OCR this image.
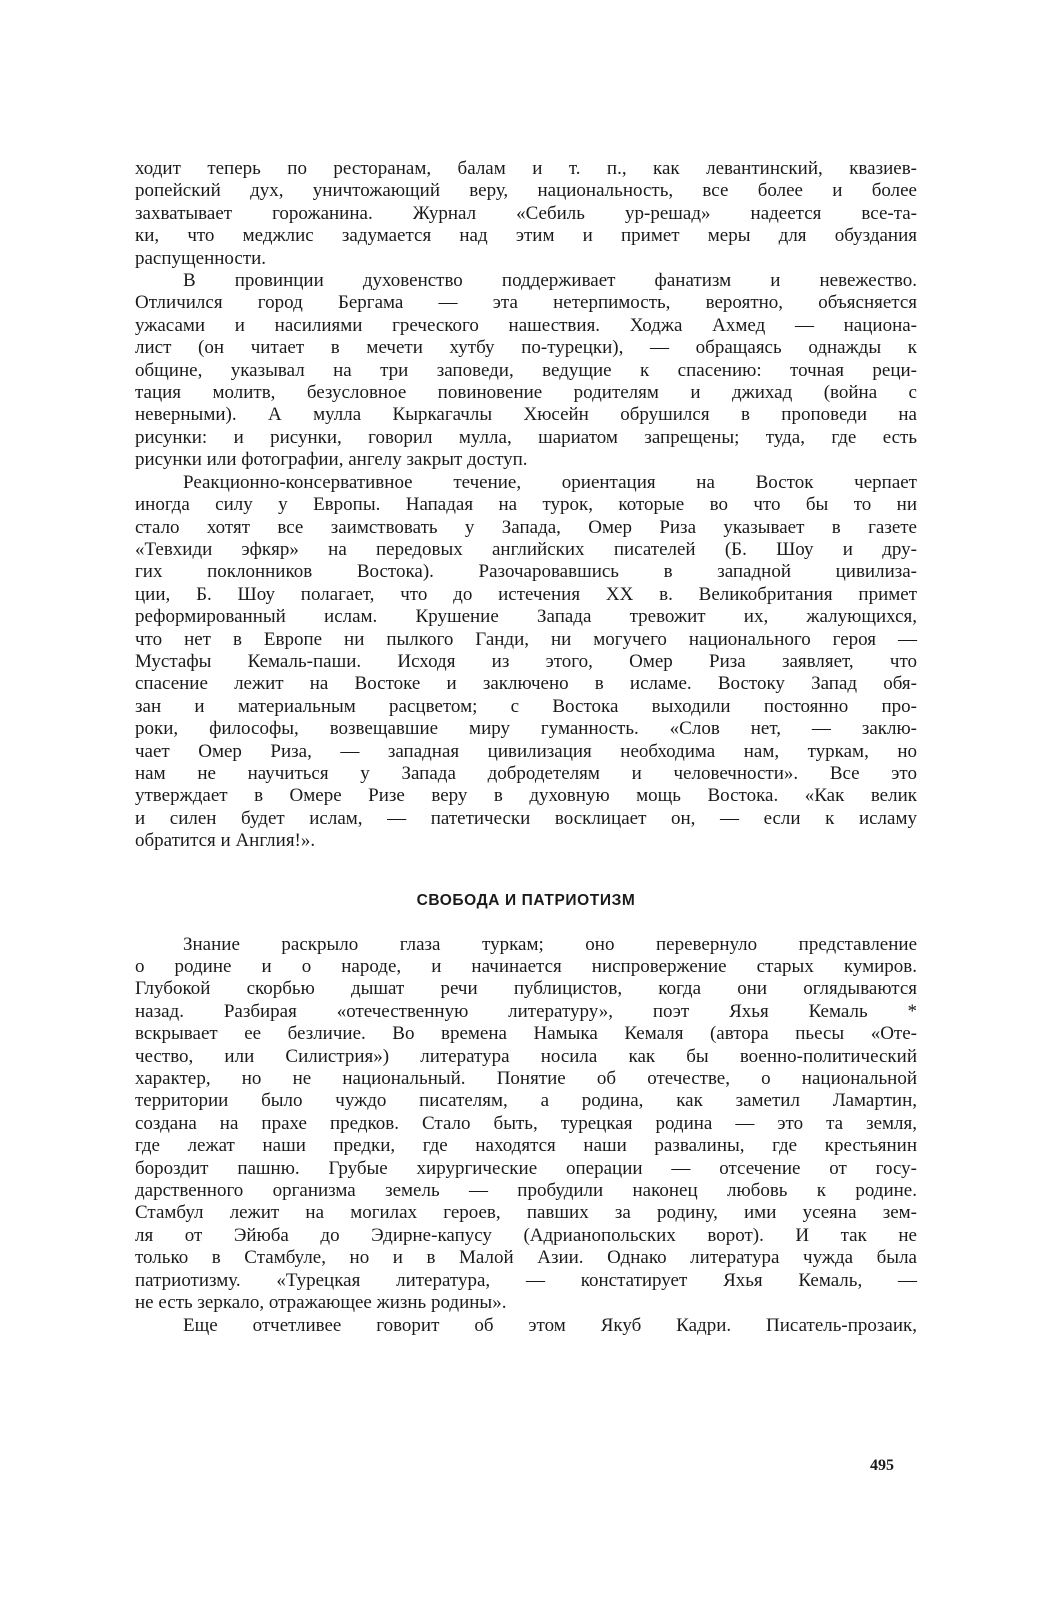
ходит теперь по ресторанам, балам и т. п., как левантинский, квазиев-

ропейский дух, уничтожающий веру, национальность, все более и более

захватывает горожанина. Журнал «Себиль ур-решад» надеется все-та-

ки, что меджлис задумается над этим и примет меры для обуздания

распущенности.

В провинции духовенство поддерживает фанатизм и невежество.

Отличился город Бергама — эта нетерпимость, вероятно, объясняется

ужасами и насилиями греческого нашествия. Ходжа Ахмед — национа-

лист (он читает в мечети хутбу по-турецки), — обращаясь однажды к

общине, указывал на три заповеди, ведущие к спасению: точная реци-

тация молитв, безусловное повиновение родителям и джихад (война с

неверными). А мулла Кыркагачлы Хюсейн обрушился в проповеди на

рисунки: и рисунки, говорил мулла, шариатом запрещены; туда, где есть

рисунки или фотографии, ангелу закрыт доступ.

Реакционно-консервативное течение, ориентация на Восток черпает

иногда силу у Европы. Нападая на турок, которые во что бы то ни

стало хотят все заимствовать у Запада, Омер Риза указывает в газете

«Тевхиди эфкяр» на передовых английских писателей (Б. Шоу и дру-

гих поклонников Востока). Разочаровавшись в западной цивилиза-

ции, Б. Шоу полагает, что до истечения XX в. Великобритания примет

реформированный ислам. Крушение Запада тревожит их, жалующихся,

что нет в Европе ни пылкого Ганди, ни могучего национального героя —

Мустафы Кемаль-паши. Исходя из этого, Омер Риза заявляет, что

спасение лежит на Востоке и заключено в исламе. Востоку Запад обя-

зан и материальным расцветом; с Востока выходили постоянно про-

роки, философы, возвещавшие миру гуманность. «Слов нет, — заклю-

чает Омер Риза, — западная цивилизация необходима нам, туркам, но

нам не научиться у Запада добродетелям и человечности». Все это

утверждает в Омере Ризе веру в духовную мощь Востока. «Как велик

и силен будет ислам, — патетически восклицает он, — если к исламу

обратится и Англия!».

СВОБОДА И ПАТРИОТИЗМ

Знание раскрыло глаза туркам; оно перевернуло представление

о родине и о народе, и начинается ниспровержение старых кумиров.

Глубокой скорбью дышат речи публицистов, когда они оглядываются

назад. Разбирая «отечественную литературу», поэт Яхья Кемаль *

вскрывает ее безличие. Во времена Намыка Кемаля (автора пьесы «Оте-

чество, или Силистрия») литература носила как бы военно-политический

характер, но не национальный. Понятие об отечестве, о национальной

территории было чуждо писателям, а родина, как заметил Ламартин,

создана на прахе предков. Стало быть, турецкая родина — это та земля,

где лежат наши предки, где находятся наши развалины, где крестьянин

бороздит пашню. Грубые хирургические операции — отсечение от госу-

дарственного организма земель — пробудили наконец любовь к родине.

Стамбул лежит на могилах героев, павших за родину, ими усеяна зем-

ля от Эйюба до Эдирне-капусу (Адрианопольских ворот). И так не

только в Стамбуле, но и в Малой Азии. Однако литература чужда была

патриотизму. «Турецкая литература, — констатирует Яхья Кемаль, —

не есть зеркало, отражающее жизнь родины».

Еще отчетливее говорит об этом Якуб Кадри. Писатель-прозаик,

495
